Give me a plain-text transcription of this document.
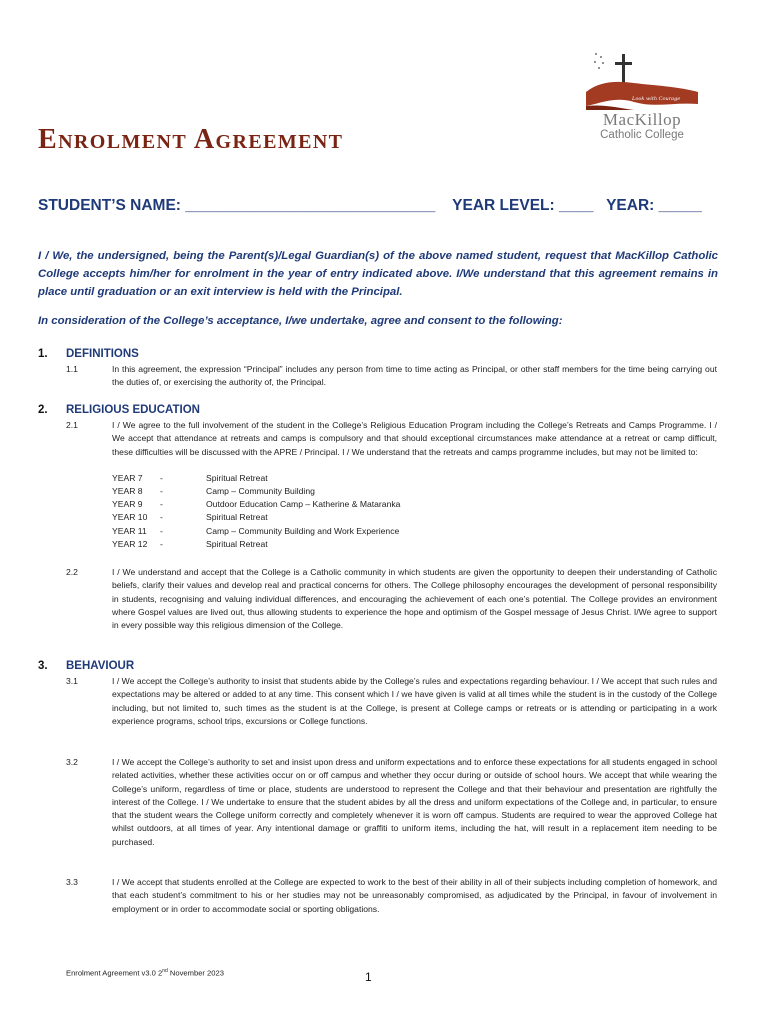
Look with Courage
MacKillop
Catholic College
Enrolment Agreement
STUDENT’S NAME: _____________________________    YEAR LEVEL: ____   YEAR: _____
I / We, the undersigned, being the Parent(s)/Legal Guardian(s) of the above named student, request that MacKillop Catholic College accepts him/her for enrolment in the year of entry indicated above. I/We understand that this agreement remains in place until graduation or an exit interview is held with the Principal.
In consideration of the College’s acceptance, I/we undertake, agree and consent to the following:
1. DEFINITIONS
1.1	In this agreement, the expression “Principal” includes any person from time to time acting as Principal, or other staff members for the time being carrying out the duties of, or exercising the authority of, the Principal.
2. RELIGIOUS EDUCATION
2.1	I / We agree to the full involvement of the student in the College’s Religious Education Program including the College’s Retreats and Camps Programme. I / We accept that attendance at retreats and camps is compulsory and that should exceptional circumstances make attendance at a retreat or camp difficult, these difficulties will be discussed with the APRE / Principal. I / We understand that the retreats and camps programme includes, but may not be limited to:
YEAR 7	-	Spiritual Retreat
YEAR 8	-	Camp – Community Building
YEAR 9	-	Outdoor Education Camp – Katherine & Mataranka
YEAR 10	-	Spiritual Retreat
YEAR 11	-	Camp – Community Building and Work Experience
YEAR 12	-	Spiritual Retreat
2.2	I / We understand and accept that the College is a Catholic community in which students are given the opportunity to deepen their understanding of Catholic beliefs, clarify their values and develop real and practical concerns for others. The College philosophy encourages the development of personal responsibility in students, recognising and valuing individual differences, and encouraging the achievement of each one’s potential. The College provides an environment where Gospel values are lived out, thus allowing students to experience the hope and optimism of the Gospel message of Jesus Christ. I/We agree to support in every possible way this religious dimension of the College.
3. BEHAVIOUR
3.1	I / We accept the College’s authority to insist that students abide by the College’s rules and expectations regarding behaviour. I / We accept that such rules and expectations may be altered or added to at any time. This consent which I / we have given is valid at all times while the student is in the custody of the College including, but not limited to, such times as the student is at the College, is present at College camps or retreats or is attending or participating in a work experience programs, school trips, excursions or College functions.
3.2	I / We accept the College’s authority to set and insist upon dress and uniform expectations and to enforce these expectations for all students engaged in school related activities, whether these activities occur on or off campus and whether they occur during or outside of school hours. We accept that while wearing the College’s uniform, regardless of time or place, students are understood to represent the College and that their behaviour and presentation are rightfully the interest of the College. I / We undertake to ensure that the student abides by all the dress and uniform expectations of the College and, in particular, to ensure that the student wears the College uniform correctly and completely whenever it is worn off campus. Students are required to wear the approved College hat whilst outdoors, at all times of year. Any intentional damage or graffiti to uniform items, including the hat, will result in a replacement item needing to be purchased.
3.3	I / We accept that students enrolled at the College are expected to work to the best of their ability in all of their subjects including completion of homework, and that each student’s commitment to his or her studies may not be unreasonably compromised, as adjudicated by the Principal, in favour of involvement in employment or in order to accommodate social or sporting obligations.
Enrolment Agreement v3.0 2nd November 2023	1
